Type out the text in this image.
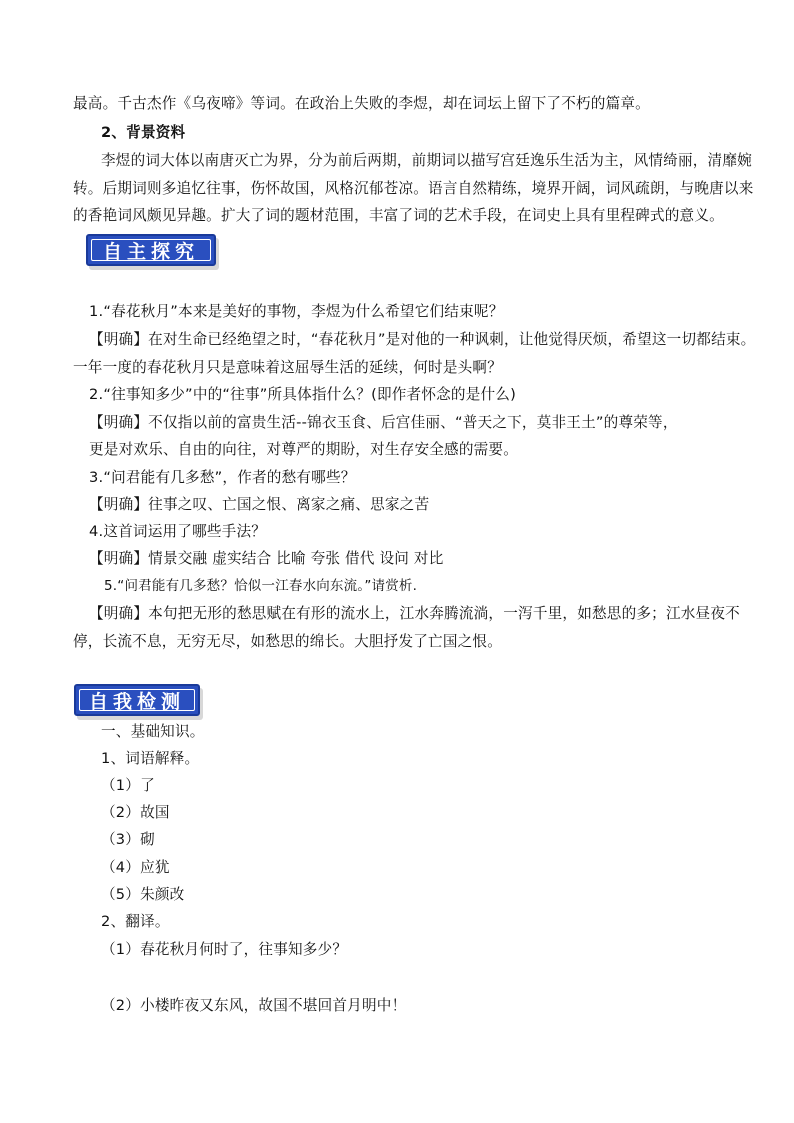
最高。千古杰作《乌夜啼》等词。在政治上失败的李煜，却在词坛上留下了不朽的篇章。
2、背景资料
李煜的词大体以南唐灭亡为界，分为前后两期，前期词以描写宫廷逸乐生活为主，风情绮丽，清靡婉
转。后期词则多追忆往事，伤怀故国，风格沉郁苍凉。语言自然精练，境界开阔，词风疏朗，与晚唐以来
的香艳词风颇见异趣。扩大了词的题材范围，丰富了词的艺术手段，在词史上具有里程碑式的意义。
自主探究
1.“春花秋月”本来是美好的事物，李煜为什么希望它们结束呢？
【明确】在对生命已经绝望之时，“春花秋月”是对他的一种讽刺，让他觉得厌烦，希望这一切都结束。
一年一度的春花秋月只是意味着这屈辱生活的延续，何时是头啊？
2.“往事知多少”中的“往事”所具体指什么？(即作者怀念的是什么)
【明确】不仅指以前的富贵生活--锦衣玉食、后宫佳丽、“普天之下，莫非王土”的尊荣等，
更是对欢乐、自由的向往，对尊严的期盼，对生存安全感的需要。
3.“问君能有几多愁”，作者的愁有哪些？
【明确】往事之叹、亡国之恨、离家之痛、思家之苦
4.这首词运用了哪些手法？
【明确】情景交融 虚实结合 比喻 夸张 借代 设问 对比
5.“问君能有几多愁？恰似一江春水向东流。”请赏析.
【明确】本句把无形的愁思赋在有形的流水上，江水奔腾流淌，一泻千里，如愁思的多；江水昼夜不
停，长流不息，无穷无尽，如愁思的绵长。大胆抒发了亡国之恨。
自我检测
一、基础知识。
1、词语解释。
（1）了
（2）故国
（3）砌
（4）应犹
（5）朱颜改
2、翻译。
（1）春花秋月何时了，往事知多少？
（2）小楼昨夜又东风，故国不堪回首月明中！
